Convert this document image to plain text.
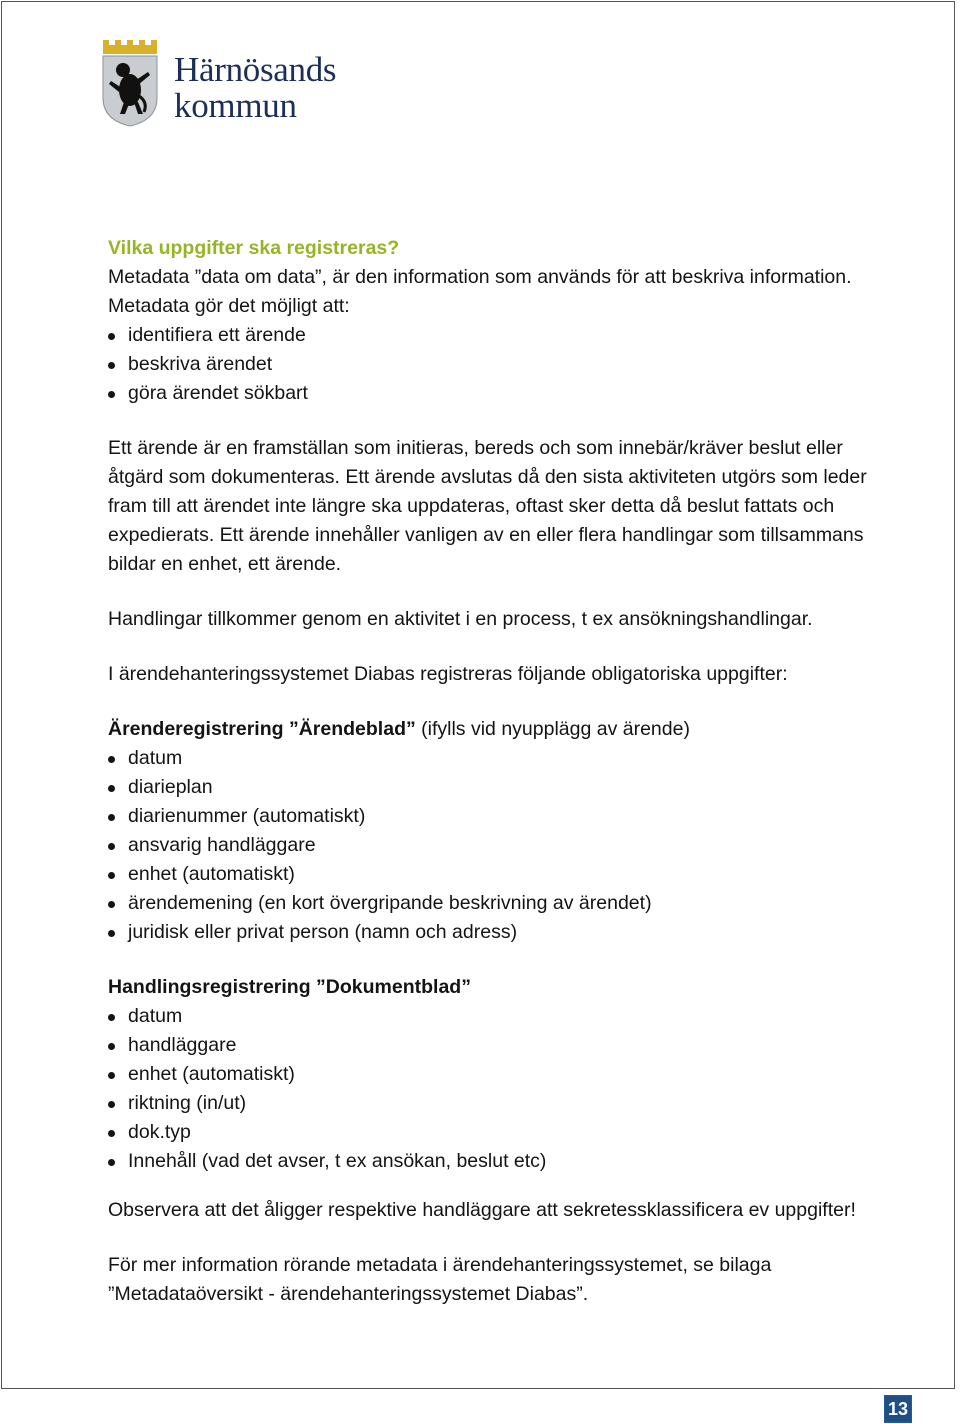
Härnösands
kommun

Vilka uppgifter ska registreras?

Metadata ”data om data”, är den information som används för att beskriva information. Metadata gör det möjligt att:

identifiera ett ärende
beskriva ärendet
göra ärendet sökbart

Ett ärende är en framställan som initieras, bereds och som innebär/kräver beslut eller åtgärd som dokumenteras. Ett ärende avslutas då den sista aktiviteten utgörs som leder fram till att ärendet inte längre ska uppdateras, oftast sker detta då beslut fattats och expedierats. Ett ärende innehåller vanligen av en eller flera handlingar som tillsammans bildar en enhet, ett ärende.

Handlingar tillkommer genom en aktivitet i en process, t ex ansökningshandlingar.

I ärendehanteringssystemet Diabas registreras följande obligatoriska uppgifter:

Ärenderegistrering ”Ärendeblad” (ifylls vid nyupplägg av ärende)

datum
diarieplan
diarienummer (automatiskt)
ansvarig handläggare
enhet (automatiskt)
ärendemening (en kort övergripande beskrivning av ärendet)
juridisk eller privat person (namn och adress)

Handlingsregistrering ”Dokumentblad”

datum
handläggare
enhet (automatiskt)
riktning (in/ut)
dok.typ
Innehåll (vad det avser, t ex ansökan, beslut etc)

Observera att det åligger respektive handläggare att sekretessklassificera ev uppgifter!

För mer information rörande metadata i ärendehanteringssystemet, se bilaga ”Metadataöversikt - ärendehanteringssystemet Diabas”.

13
